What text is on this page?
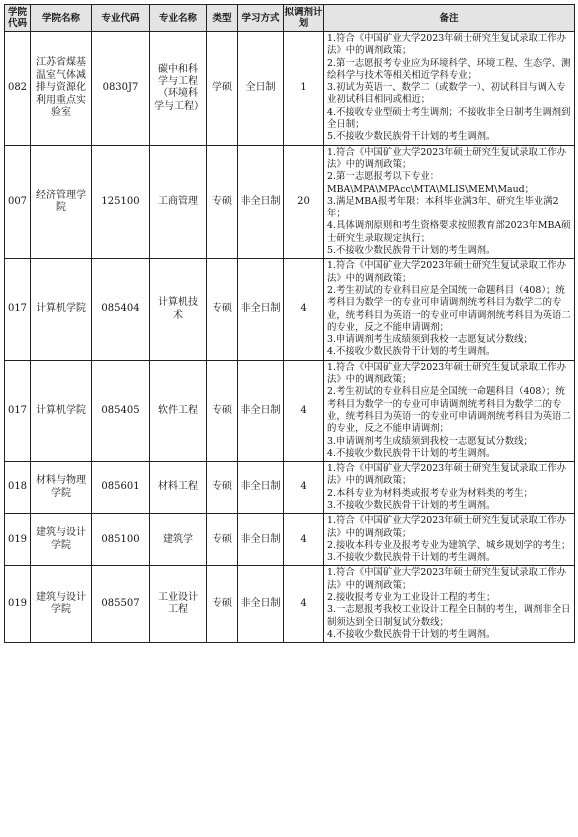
学院代码	学院名称	专业代码	专业名称	类型	学习方式	拟调剂计划	备注
082	江苏省煤基温室气体减排与资源化利用重点实验室	0830J7	碳中和科学与工程（环境科学与工程）	学硕	全日制	1	1.符合《中国矿业大学2023年硕士研究生复试录取工作办法》中的调剂政策；
2.第一志愿报考专业应为环境科学、环境工程、生态学、测绘科学与技术等相关相近学科专业；
3.初试为英语一、数学二（或数学一）、初试科目与调入专业初试科目相同或相近；
4.不接收专业型硕士考生调剂；不接收非全日制考生调剂到全日制；
5.不接收少数民族骨干计划的考生调剂。

007	经济管理学院	125100	工商管理	专硕	非全日制	20	1.符合《中国矿业大学2023年硕士研究生复试录取工作办法》中的调剂政策；
2.第一志愿报考以下专业：MBA\MPA\MPAcc\MTA\MLIS\MEM\Maud；
3.满足MBA报考年限：本科毕业满3年、研究生毕业满2年；
4.具体调剂原则和考生资格要求按照教育部2023年MBA硕士研究生录取规定执行；
5.不接收少数民族骨干计划的考生调剂。

017	计算机学院	085404	计算机技术	专硕	非全日制	4	1.符合《中国矿业大学2023年硕士研究生复试录取工作办法》中的调剂政策；
2.考生初试的专业科目应是全国统一命题科目（408）；统考科目为数学一的专业可申请调剂统考科目为数学二的专业，统考科目为英语一的专业可申请调剂统考科目为英语二的专业，反之不能申请调剂；
3.申请调剂考生成绩须到我校一志愿复试分数线；
4.不接收少数民族骨干计划的考生调剂。

017	计算机学院	085405	软件工程	专硕	非全日制	4	1.符合《中国矿业大学2023年硕士研究生复试录取工作办法》中的调剂政策；
2.考生初试的专业科目应是全国统一命题科目（408）；统考科目为数学一的专业可申请调剂统考科目为数学二的专业，统考科目为英语一的专业可申请调剂统考科目为英语二的专业，反之不能申请调剂；
3.申请调剂考生成绩须到我校一志愿复试分数线；
4.不接收少数民族骨干计划的考生调剂。

018	材料与物理学院	085601	材料工程	专硕	非全日制	4	1.符合《中国矿业大学2023年硕士研究生复试录取工作办法》中的调剂政策；
2.本科专业为材料类或报考专业为材料类的考生；
3.不接收少数民族骨干计划的考生调剂。

019	建筑与设计学院	085100	建筑学	专硕	非全日制	4	1.符合《中国矿业大学2023年硕士研究生复试录取工作办法》中的调剂政策；
2.接收本科专业及报考专业为建筑学、城乡规划学的考生；
3.不接收少数民族骨干计划的考生调剂。

019	建筑与设计学院	085507	工业设计工程	专硕	非全日制	4	1.符合《中国矿业大学2023年硕士研究生复试录取工作办法》中的调剂政策；
2.接收报考专业为工业设计工程的考生；
3.一志愿报考我校工业设计工程全日制的考生，调剂非全日制须达到全日制复试分数线；
4.不接收少数民族骨干计划的考生调剂。
